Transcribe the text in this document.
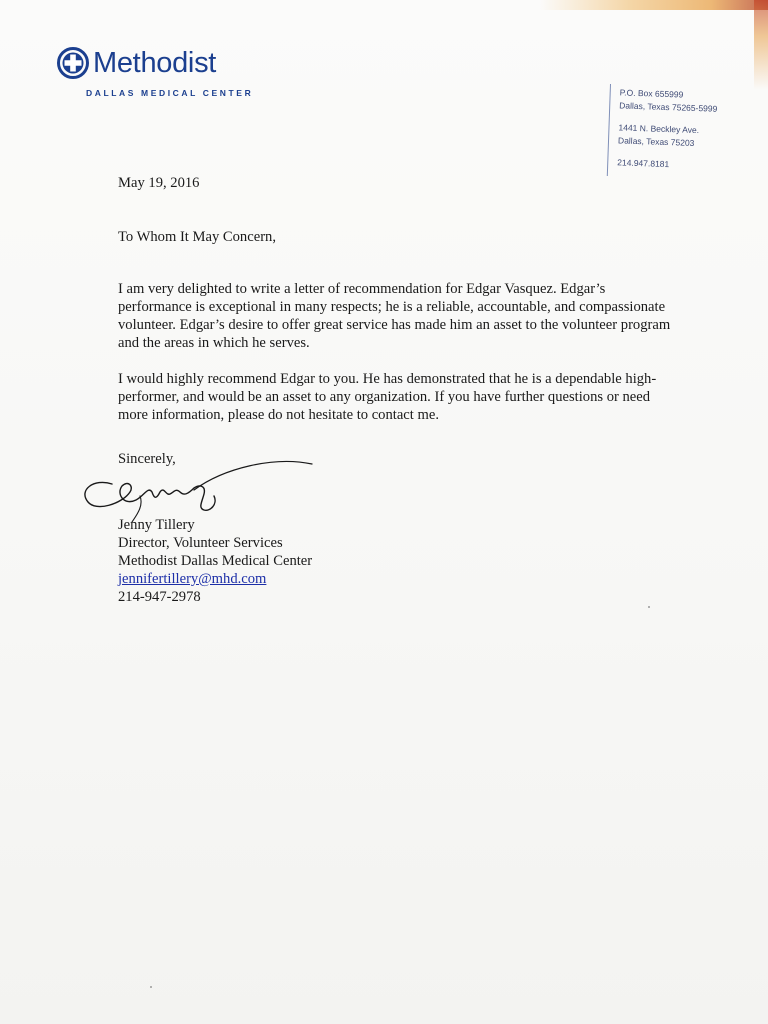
Methodist
DALLAS MEDICAL CENTER	P.O. Box 655999
Dallas, Texas 75265-5999
1441 N. Beckley Ave.
Dallas, Texas 75203
214.947.8181

May 19, 2016

To Whom It May Concern,

I am very delighted to write a letter of recommendation for Edgar Vasquez. Edgar’s performance is exceptional in many respects; he is a reliable, accountable, and compassionate volunteer. Edgar’s desire to offer great service has made him an asset to the volunteer program and the areas in which he serves.

I would highly recommend Edgar to you. He has demonstrated that he is a dependable high-performer, and would be an asset to any organization. If you have further questions or need more information, please do not hesitate to contact me.

Sincerely,

Jenny Tillery

Director, Volunteer Services

Methodist Dallas Medical Center

jennifertillery@mhd.com

214-947-2978
